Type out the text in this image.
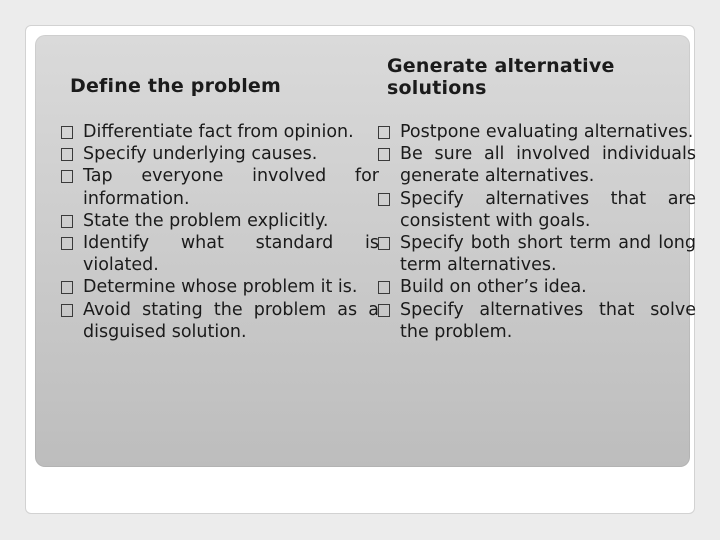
Define the problem
Differentiate fact from opinion.
Specify underlying causes.
Tap everyone involved for information.
State the problem explicitly.
Identify what standard is violated.
Determine whose problem it is.
Avoid stating the problem as a disguised solution.
Generate alternative solutions
Postpone evaluating alternatives.
Be sure all involved individuals generate alternatives.
Specify alternatives that are consistent with goals.
Specify both short term and long term alternatives.
Build on other’s idea.
Specify alternatives that solve the problem.
